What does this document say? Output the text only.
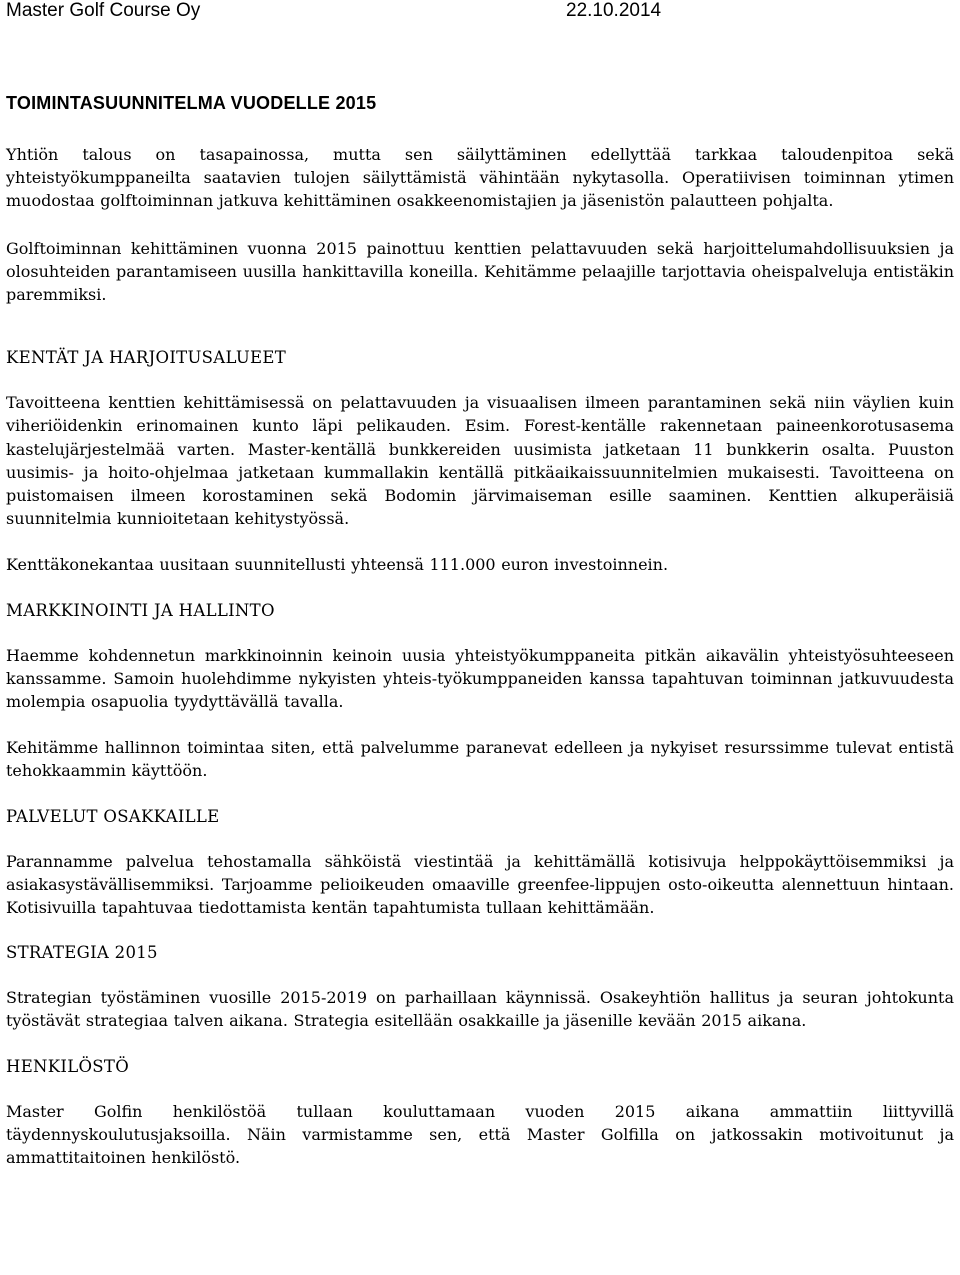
Master Golf Course Oy	22.10.2014
TOIMINTASUUNNITELMA VUODELLE 2015

Yhtiön talous on tasapainossa, mutta sen säilyttäminen edellyttää tarkkaa taloudenpitoa sekä yhteistyökumppaneilta saatavien tulojen säilyttämistä vähintään nykytasolla. Operatiivisen toiminnan ytimen muodostaa golftoiminnan jatkuva kehittäminen osakkeenomistajien ja jäsenistön palautteen pohjalta.

Golftoiminnan kehittäminen vuonna 2015 painottuu kenttien pelattavuuden sekä harjoittelumahdollisuuksien ja olosuhteiden parantamiseen uusilla hankittavilla koneilla. Kehitämme pelaajille tarjottavia oheispalveluja entistäkin paremmiksi.

KENTÄT JA HARJOITUSALUEET

Tavoitteena kenttien kehittämisessä on pelattavuuden ja visuaalisen ilmeen parantaminen sekä niin väylien kuin viheriöidenkin erinomainen kunto läpi pelikauden. Esim. Forest-kentälle rakennetaan paineenkorotusasema kastelujärjestelmää varten. Master-kentällä bunkkereiden uusimista jatketaan 11 bunkkerin osalta. Puuston uusimis- ja hoito-ohjelmaa jatketaan kummallakin kentällä pitkäaikaissuunnitelmien mukaisesti. Tavoitteena on puistomaisen ilmeen korostaminen sekä Bodomin järvimaiseman esille saaminen. Kenttien alkuperäisiä suunnitelmia kunnioitetaan kehitystyössä.

Kenttäkonekantaa uusitaan suunnitellusti yhteensä 111.000 euron investoinnein.

MARKKINOINTI JA HALLINTO

Haemme kohdennetun markkinoinnin keinoin uusia yhteistyökumppaneita pitkän aikavälin yhteistyösuhteeseen kanssamme. Samoin huolehdimme nykyisten yhteis-työkumppaneiden kanssa tapahtuvan toiminnan jatkuvuudesta molempia osapuolia tyydyttävällä tavalla.

Kehitämme hallinnon toimintaa siten, että palvelumme paranevat edelleen ja nykyiset resurssimme tulevat entistä tehokkaammin käyttöön.

PALVELUT OSAKKAILLE

Parannamme palvelua tehostamalla sähköistä viestintää ja kehittämällä kotisivuja helppokäyttöisemmiksi ja asiakasystävällisemmiksi. Tarjoamme pelioikeuden omaaville greenfee-lippujen osto-oikeutta alennettuun hintaan. Kotisivuilla tapahtuvaa tiedottamista kentän tapahtumista tullaan kehittämään.

STRATEGIA 2015

Strategian työstäminen vuosille 2015-2019 on parhaillaan käynnissä. Osakeyhtiön hallitus ja seuran johtokunta työstävät strategiaa talven aikana. Strategia esitellään osakkaille ja jäsenille kevään 2015 aikana.

HENKILÖSTÖ

Master Golfin henkilöstöä tullaan kouluttamaan vuoden 2015 aikana ammattiin liittyvillä täydennyskoulutusjaksoilla. Näin varmistamme sen, että Master Golfilla on jatkossakin motivoitunut ja ammattitaitoinen henkilöstö.
